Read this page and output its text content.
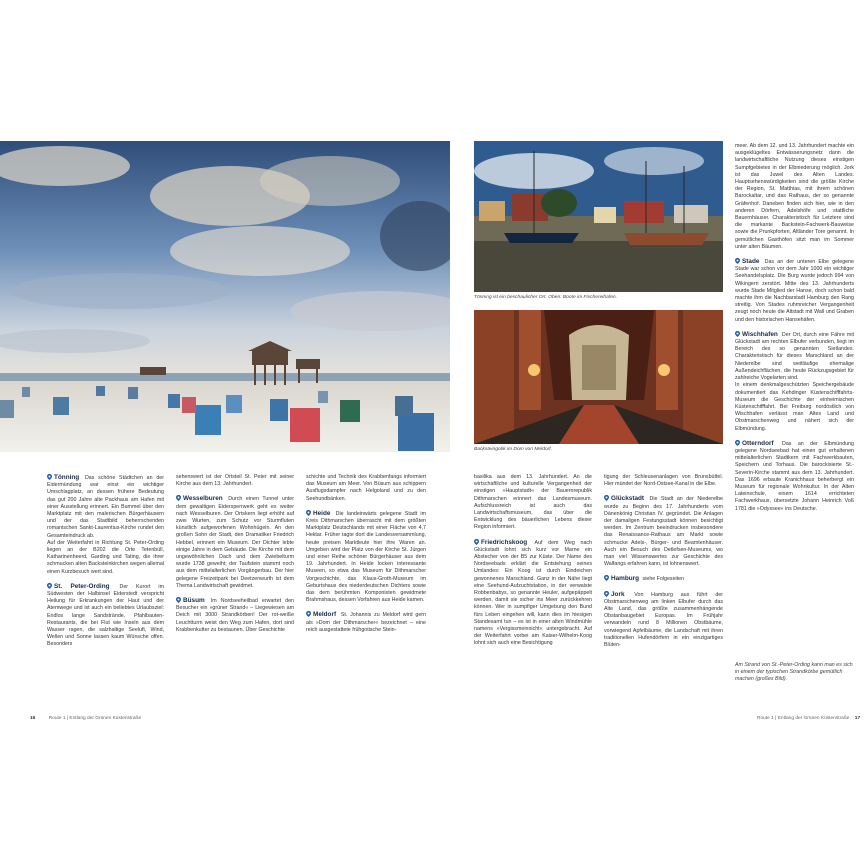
Tönning ist ein beschaulicher Ort. Oben: Boote im Fischereihafen.
Backsteingotik im Dom von Meldorf.

Tönning Das schöne Städtchen an der Eidermündung war einst ein wichtiger Umschlagplatz, an dessen frühere Bedeutung das gut 200 Jahre alte Packhaus am Hafen mit einer Ausstellung erinnert. Ein Bummel über den Marktplatz mit den malerischen Bürgerhäusern und der das Stadtbild beherrschenden romanischen Sankt-Laurentius-Kirche rundet den Gesamteindruck ab.

Auf der Weiterfahrt in Richtung St. Peter-Ording liegen an der B202 die Orte Tetenbüll, Katharinenheerd, Garding und Tating, die ihrer schmucken alten Backsteinkirchen wegen allemal einen Kurzbesuch wert sind.

St. Peter-Ording Der Kurort im Südwesten der Halbinsel Eiderstedt verspricht Heilung für Erkrankungen der Haut und der Atemwege und ist auch ein beliebtes Urlaubsziel: Endlos lange Sandstrände, Pfahlbauten-Restaurants, die bei Flut wie Inseln aus dem Wasser ragen, die salzhaltige Seeluft, Wind, Wellen und Sonne lassen kaum Wünsche offen. Besonders

sehenswert ist der Ortsteil St. Peter mit seiner Kirche aus dem 13. Jahrhundert.

Wesselburen Durch einen Tunnel unter dem gewaltigen Eidersperrwerk geht es weiter nach Wesselburen. Der Ortskern liegt erhöht auf zwei Wurten, zum Schutz vor Sturmfluten künstlich aufgeworfenen Wohnhügeln. An den großen Sohn der Stadt, den Dramatiker Friedrich Hebbel, erinnert ein Museum. Der Dichter lebte einige Jahre in dem Gebäude. Die Kirche mit dem ungewöhnlichen Dach und dem Zwiebelturm wurde 1738 geweiht; der Taufstein stammt noch aus dem mittelalterlichen Vorgängerbau. Der hier gelegene Freizeitpark bei Deetzenwurth ist dem Thema Landwirtschaft gewidmet.

Büsum Im Nordseeheilbad erwartet den Besucher ein »grüner Strand« – Liegewiesen am Deich mit 3000 Strandkörben! Der rot-weiße Leuchtturm weist den Weg zum Hafen, dort sind Krabbenkutter zu bestaunen. Über Geschichte

schichte und Technik des Krabbenfangs informiert das Museum am Meer. Von Büsum aus schippern Ausflugsdampfer nach Helgoland und zu den Seehundbänken.

Heide Die landeinwärts gelegene Stadt im Kreis Dithmarschen überrascht mit dem größten Marktplatz Deutschlands mit einer Fläche von 4,7 Hektar. Früher tagte dort die Landesversammlung, heute preisen Marktleute hier ihre Waren an. Umgeben wird der Platz von der Kirche St. Jürgen und einer Reihe schöner Bürgerhäuser aus dem 19. Jahrhundert. In Heide locken interessante Museen, so etwa das Museum für Dithmarscher Vorgeschichte, das Klaus-Groth-Museum im Geburtshaus des niederdeutschen Dichters sowie das dem berühmten Komponisten gewidmete Brahmshaus, dessen Vorfahren aus Heide kamen.

Meldorf St. Johannis zu Meldorf wird gern als »Dom der Dithmarscher« bezeichnet – eine reich ausgestattete frühgotische Stein-

basilika aus dem 13. Jahrhundert. An die wirtschaftliche und kulturelle Vergangenheit der einstigen »Hauptstadt« der Bauernrepublik Dithmarschen erinnert das Landesmuseum. Aufschlussreich ist auch das Landwirtschaftsmuseum, das über die Entwicklung des bäuerlichen Lebens dieser Region informiert.

Friedrichskoog Auf dem Weg nach Glückstadt lohnt sich kurz vor Marne ein Abstecher von der B5 zur Küste. Der Name des Nordseebads erklärt die Entstehung seines Umlandes: Ein Koog ist durch Eindeichen gewonnenes Marschland. Ganz in der Nähe liegt eine Seehund-Aufzuchtstation, in der verwaiste Robbenbabys, so genannte Heuler, aufgepäppelt werden, damit sie sicher ins Meer zurückkehren können. Wer in sumpfiger Umgebung den Bund fürs Leben eingehen will, kann dies im hiesigen Standesamt tun – es ist in einer alten Windmühle namens »Vergissmeinnicht« untergebracht. Auf der Weiterfahrt vorbei am Kaiser-Wilhelm-Koog lohnt sich auch eine Besichtigung

tigung der Schleusenanlagen von Brunsbüttel. Hier mündet der Nord-Ostsee-Kanal in die Elbe.

Glückstadt Die Stadt an der Niederelbe wurde zu Beginn des 17. Jahrhunderts vom Dänenkönig Christian IV. gegründet. Die Anlagen der damaligen Festungsstadt können besichtigt werden. Im Zentrum beeindrucken insbesondere das Renaissance-Rathaus am Markt sowie schmucke Adels-, Bürger- und Beamtenhäuser. Auch ein Besuch des Detlefsen-Museums, wo man viel Wissenswertes zur Geschichte des Walfangs erfahren kann, ist lohnenswert.

Hamburg siehe Folgeseiten

Jork Von Hamburg aus führt der Obstmarschenweg am linken Elbufer durch das Alte Land, das größte zusammenhängende Obstanbaugebiet Europas. Im Frühjahr verwandeln rund 8 Millionen Obstbäume, vorwiegend Apfelbäume, die Landschaft mit ihren traditionellen Hufendörfern in ein einzigartiges Blüten-

meer. Ab dem 12. und 13. Jahrhundert machte ein ausgeklügeltes Entwässerungsnetz dann die landwirtschaftliche Nutzung dieses einstigen Sumpfgebietes in der Elbniederung möglich. Jork ist das Juwel des Alten Landes. Hauptsehenswürdigkeiten sind die größte Kirche der Region, St. Matthias, mit ihrem schönen Barockaltar, und das Rathaus, der so genannte Gräfenhof. Daneben finden sich hier, wie in den anderen Dörfern, Adelshöfe und stattliche Bauernhäuser. Charakteristisch für Letztere sind die markante Backstein-Fachwerk-Bauweise sowie die Prunkpforten, Altländer Tore genannt. In gemütlichen Gasthöfen sitzt man im Sommer unter alten Bäumen.

Stade Das an der unteren Elbe gelegene Stade war schon vor dem Jahr 1000 ein wichtiger Seehandelsplatz. Die Burg wurde jedoch 994 von Wikingern zerstört. Mitte des 13. Jahrhunderts wurde Stade Mitglied der Hanse, doch schon bald machte ihm die Nachbarstadt Hamburg den Rang streitig. Von Stades ruhmreicher Vergangenheit zeugt noch heute die Altstadt mit Wall und Graben und den historischen Hansehäfen.

Wischhafen Der Ort, durch eine Fähre mit Glückstadt am rechten Elbufer verbunden, liegt im Bereich des so genannten Sietlandes. Charakteristisch für dieses Marschland an der Niederelbe sind weitläufige ehemalige Außendeichflächen, die heute Rückzugsgebiet für zahlreiche Vogelarten sind.

In einem denkmalgeschützten Speichergebäude dokumentiert das Kehdinger Küstenschifffahrts-Museum die Geschichte der einheimischen Küstenschifffahrt. Bei Freiburg nordöstlich von Wischhafen verlässt man Altes Land und Obstmarschenweg und nähert sich der Elbmündung.

Otterndorf Das an der Elbmündung gelegene Nordseebad hat einen gut erhaltenen mittelalterlichen Stadtkern mit Fachwerkbauten, Speichern und Torhaus. Die barockisierte St.-Severin-Kirche stammt aus dem 13. Jahrhundert. Das 1696 erbaute Kranichhaus beherbergt ein Museum für regionale Wohnkultur. In der Alten Lateinschule, einem 1614 errichteten Fachwerkhaus, übersetzte Johann Heinrich Voß 1781 die »Odyssee« ins Deutsche.

Am Strand von St.-Peter-Ording kann man es sich in einem der typischen Strandkörbe gemütlich machen (großes Bild).
16	Route 1 | Entlang der Grünen Küstenstraße	Route 1 | Entlang der Grünen Küstenstraße 17
